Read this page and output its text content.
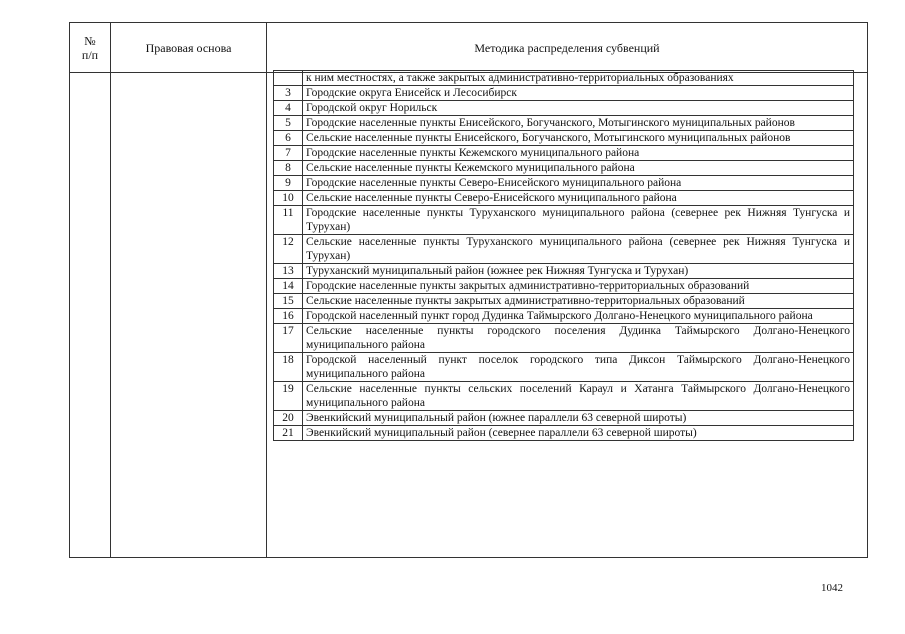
№
п/п	Правовая основа	Методика распределения субвенций
	к ним местностях, а также закрытых административно-территориальных образованиях
3	Городские округа Енисейск и Лесосибирск
4	Городской округ Норильск
5	Городские населенные пункты Енисейского, Богучанского, Мотыгинского муниципальных районов
6	Сельские населенные пункты Енисейского, Богучанского, Мотыгинского муниципальных районов
7	Городские населенные пункты Кежемского муниципального района
8	Сельские населенные пункты Кежемского муниципального района
9	Городские населенные пункты Северо-Енисейского муниципального района
10	Сельские населенные пункты Северо-Енисейского муниципального района
11	Городские населенные пункты Туруханского муниципального района (севернее рек Нижняя Тунгуска и Турухан)
12	Сельские населенные пункты Туруханского муниципального района (севернее рек Нижняя Тунгуска и Турухан)
13	Туруханский муниципальный район (южнее рек Нижняя Тунгуска и Турухан)
14	Городские населенные пункты закрытых административно-территориальных образований
15	Сельские населенные пункты закрытых административно-территориальных образований
16	Городской населенный пункт город Дудинка Таймырского Долгано-Ненецкого муниципального района
17	Сельские населенные пункты городского поселения Дудинка Таймырского Долгано-Ненецкого муниципального района
18	Городской населенный пункт поселок городского типа Диксон Таймырского Долгано-Ненецкого муниципального района
19	Сельские населенные пункты сельских поселений Караул и Хатанга Таймырского Долгано-Ненецкого муниципального района
20	Эвенкийский муниципальный район (южнее параллели 63 северной широты)
21	Эвенкийский муниципальный район (севернее параллели 63 северной широты)
1042
